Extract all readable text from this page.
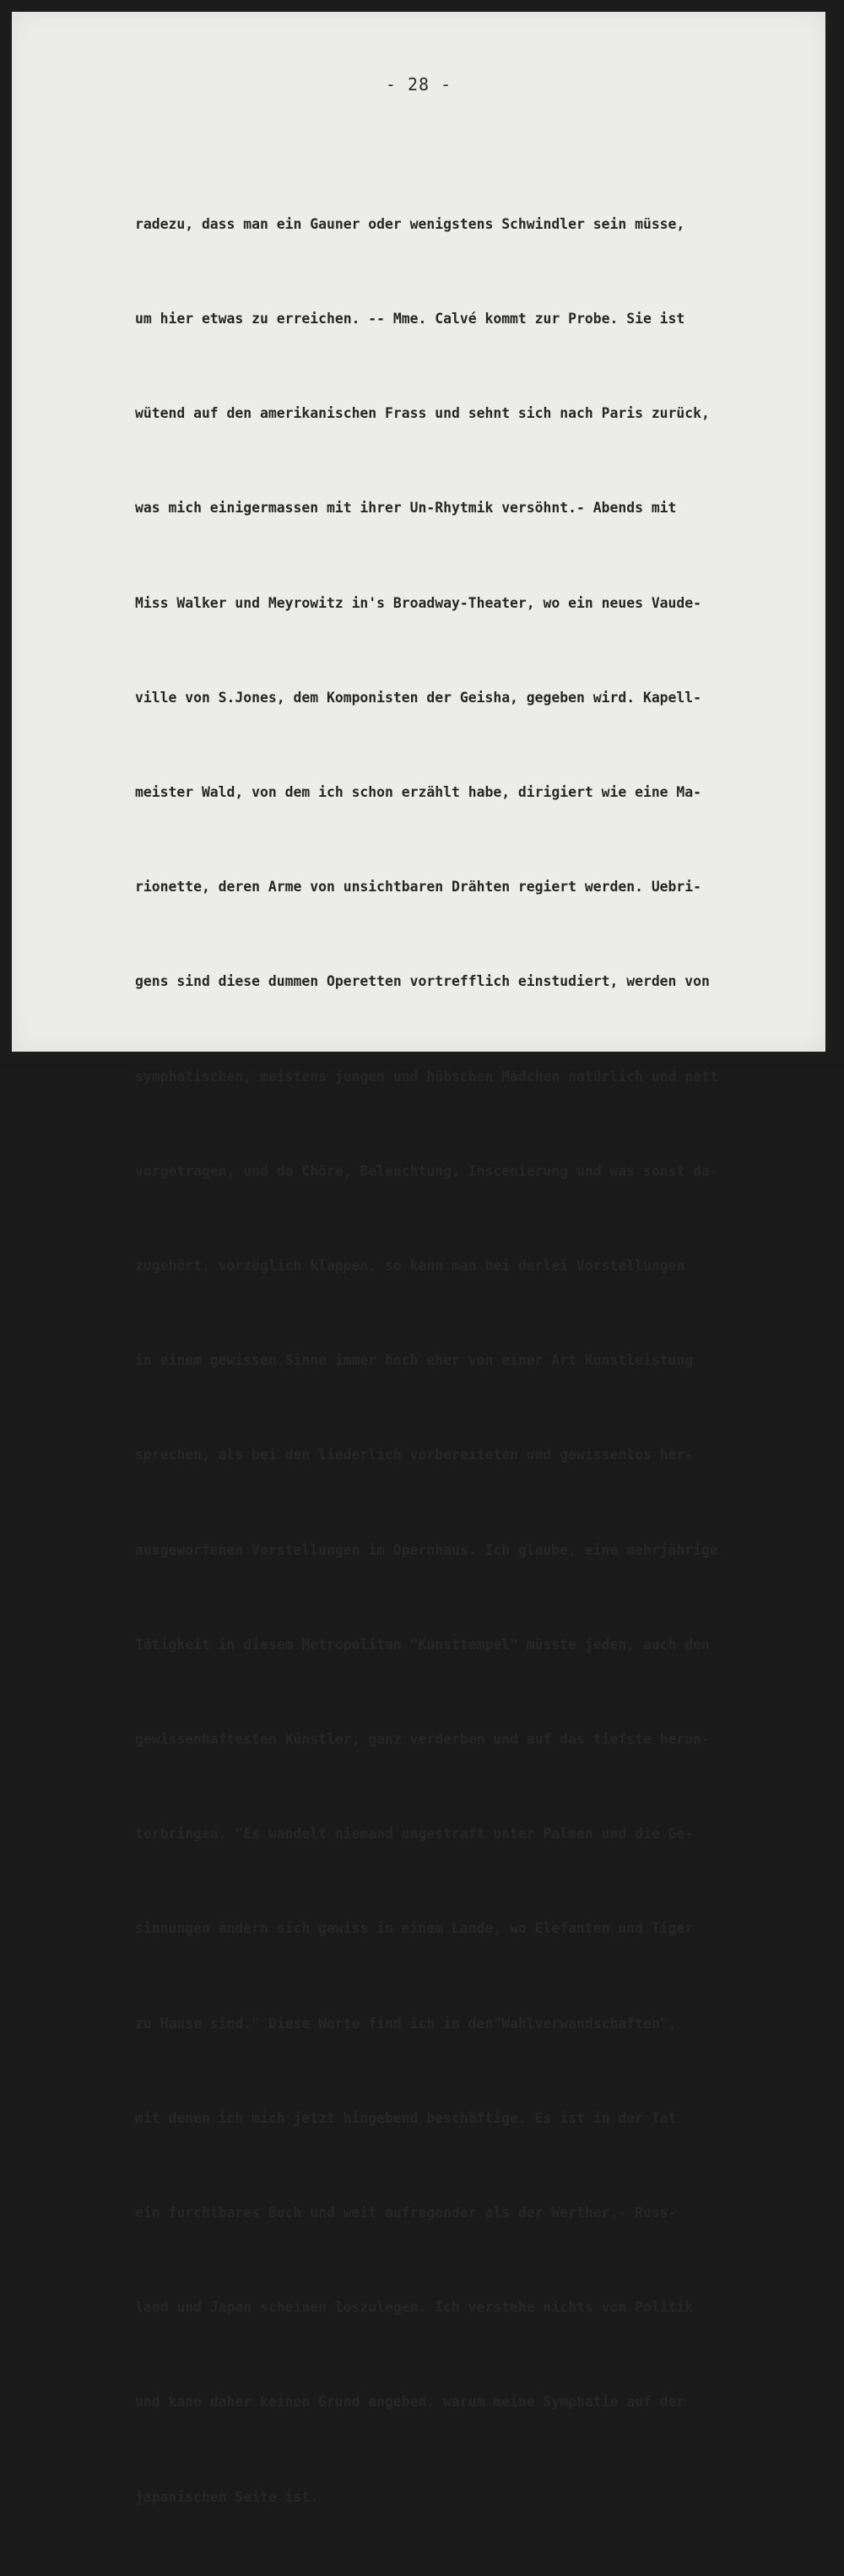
- 28 -

radezu, dass man ein Gauner oder wenigstens Schwindler sein müsse,

um hier etwas zu erreichen. -- Mme. Calvé kommt zur Probe. Sie ist

wütend auf den amerikanischen Frass und sehnt sich nach Paris zurück,

was mich einigermassen mit ihrer Un-Rhytmik versöhnt.- Abends mit

Miss Walker und Meyrowitz in's Broadway-Theater, wo ein neues Vaude-

ville von S.Jones, dem Komponisten der Geisha, gegeben wird. Kapell-

meister Wald, von dem ich schon erzählt habe, dirigiert wie eine Ma-

rionette, deren Arme von unsichtbaren Drähten regiert werden. Uebri-

gens sind diese dummen Operetten vortrefflich einstudiert, werden von

symphatischen, meistens jungen und hübschen Mädchen natürlich und nett

vorgetragen, und da Chöre, Beleuchtung, Inscenierung und was sonst da-

zugehört, vorzüglich klappen, so kann man bei derlei Vorstellungen

in einem gewissen Sinne immer hoch eher von einer Art Kunstleistung

sprechen, als bei den liederlich vorbereiteten und gewissenlos her-

ausgeworfenen Vorstellungen im Opernhaus. Ich glaube, eine mehrjährige

Tätigkeit in diesem Metropolitan "Kunsttempel" müsste jeden, auch den

gewissenhaftesten Künstler, ganz verderben und auf das tiefste herun-

terbringen. "Es wandelt niemand ungestraft unter Palmen und die Ge-

sinnungen ändern sich gewiss in einem Lande, wo Elefanten und Tiger

zu Hause sind." Diese Worte find ich in den"Wahlverwandschaften",

mit denen ich mich jetzt hingebend beschäftige. Es ist in der Tat

ein furchtbares Buch und weit aufregender als der Werther.- Russ-

land und Japan scheinen loszulegen. Ich verstehe nichts von Politik

und kann daher keinen Grund angeben, warum meine Symphatie auf der

japanischen Seite ist.
